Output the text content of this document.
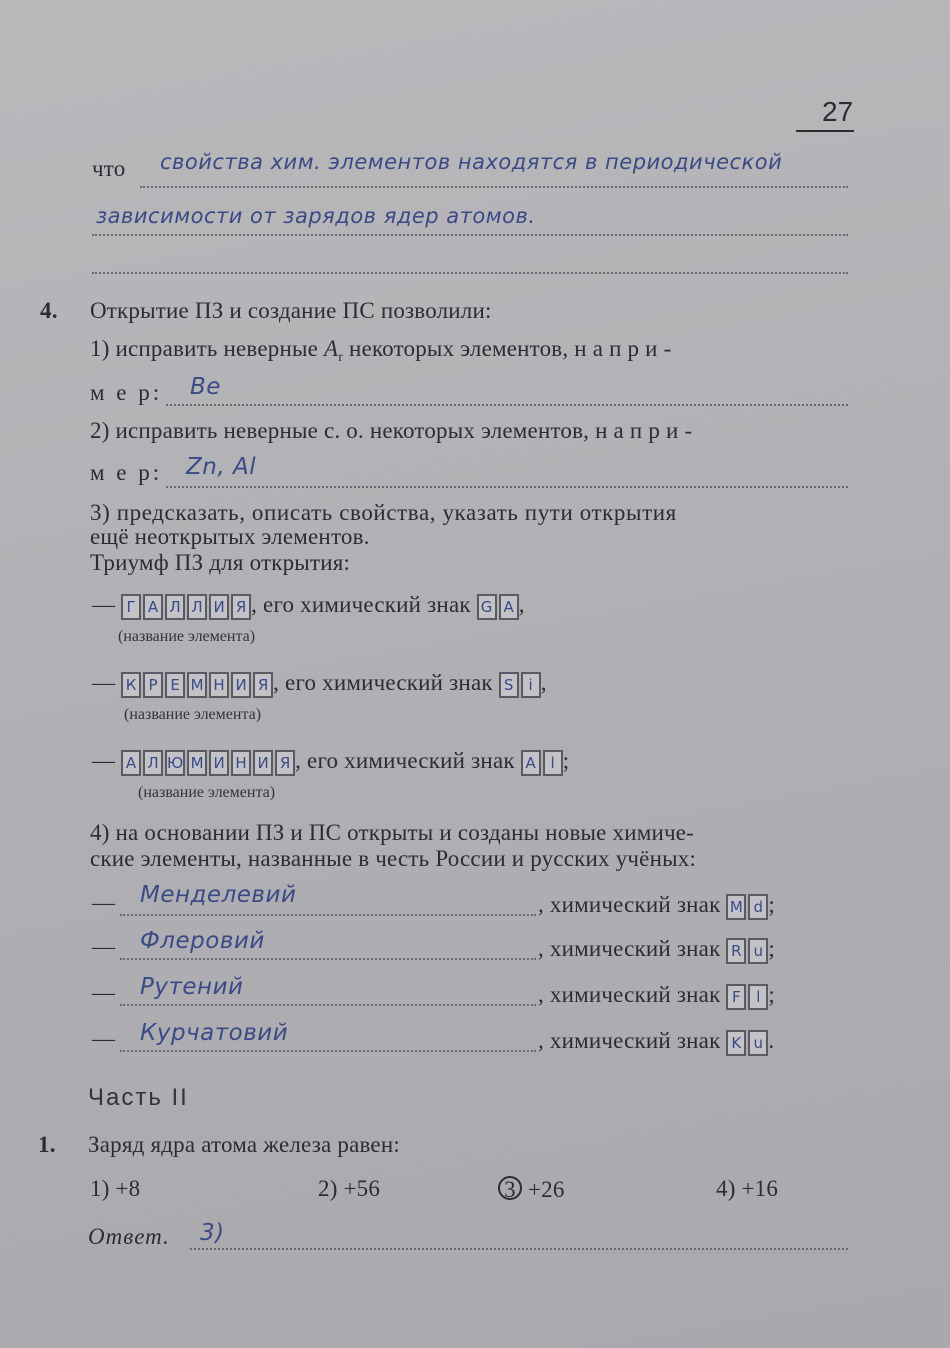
27
что свойства хим. элементов находятся в периодической
зависимости от зарядов ядер атомов.
4. Открытие ПЗ и создание ПС позволили:
1) исправить неверные $A_r$ некоторых элементов, н а п р и -
м е р: Be
2) исправить неверные с. о. некоторых элементов, н а п р и -
м е р: Zn, Al
3) предсказать, описать свойства, указать пути открытия
ещё неоткрытых элементов.
Триумф ПЗ для открытия:
— Г А Л Л И Я , его химический знак G A ,
(название элемента)
— К Р Е М Н И Я , его химический знак S i ,
(название элемента)
— А Л Ю М И Н И Я , его химический знак A l ;
(название элемента)
4) на основании ПЗ и ПС открыты и созданы новые химиче-
ские элементы, названные в честь России и русских учёных:
— Менделевий	, химический знак M d ;
— Флеровий	, химический знак R u ;
— Рутений	, химический знак F	l ;
— Курчатовий	, химический знак K u .
Часть II
1. Заряд ядра атома железа равен:
1) +8	2) +56	3 +26	4) +16
Ответ. 3)
